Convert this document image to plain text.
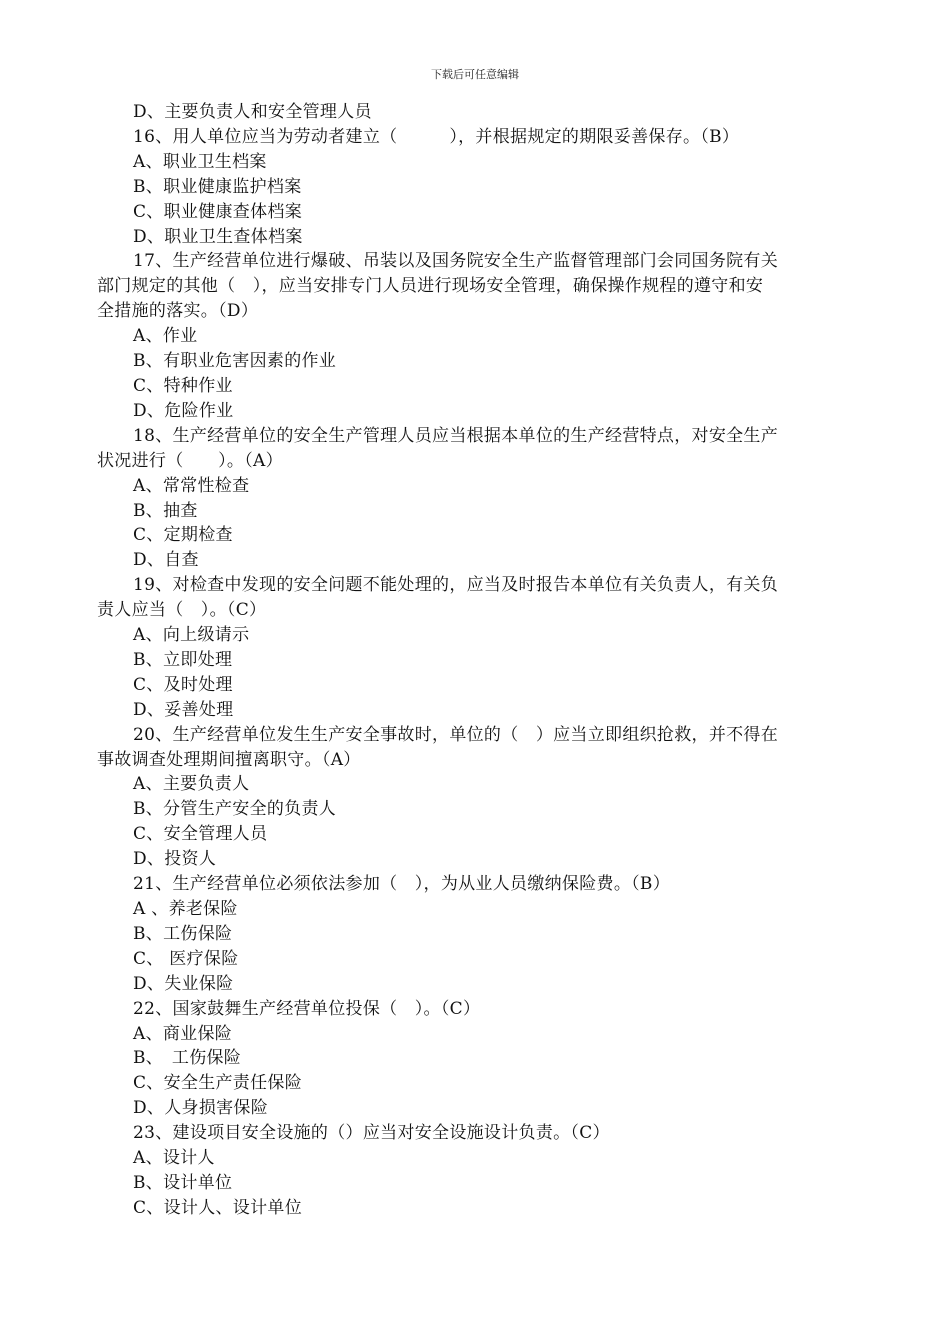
下载后可任意编辑
D、主要负责人和安全管理人员
16、用人单位应当为劳动者建立（　　　），并根据规定的期限妥善保存。（B）
A、职业卫生档案
B、职业健康监护档案
C、职业健康查体档案
D、职业卫生查体档案
17、生产经营单位进行爆破、吊装以及国务院安全生产监督管理部门会同国务院有关
部门规定的其他（　），应当安排专门人员进行现场安全管理，确保操作规程的遵守和安
全措施的落实。（D）
A、作业
B、有职业危害因素的作业
C、特种作业
D、危险作业
18、生产经营单位的安全生产管理人员应当根据本单位的生产经营特点，对安全生产
状况进行（　　）。（A）
A、常常性检查
B、抽查
C、定期检查
D、自查
19、对检查中发现的安全问题不能处理的，应当及时报告本单位有关负责人，有关负
责人应当（　）。（C）
A、向上级请示
B、立即处理
C、及时处理
D、妥善处理
20、生产经营单位发生生产安全事故时，单位的（　）应当立即组织抢救，并不得在
事故调查处理期间擅离职守。（A）
A、主要负责人
B、分管生产安全的负责人
C、安全管理人员
D、投资人
21、生产经营单位必须依法参加（　），为从业人员缴纳保险费。（B）
A 、养老保险
B、工伤保险
C、 医疗保险
D、失业保险
22、国家鼓舞生产经营单位投保（　）。（C）
A、商业保险
B、　工伤保险
C、安全生产责任保险
D、人身损害保险
23、建设项目安全设施的（）应当对安全设施设计负责。（C）
A、设计人
B、设计单位
C、设计人、设计单位
